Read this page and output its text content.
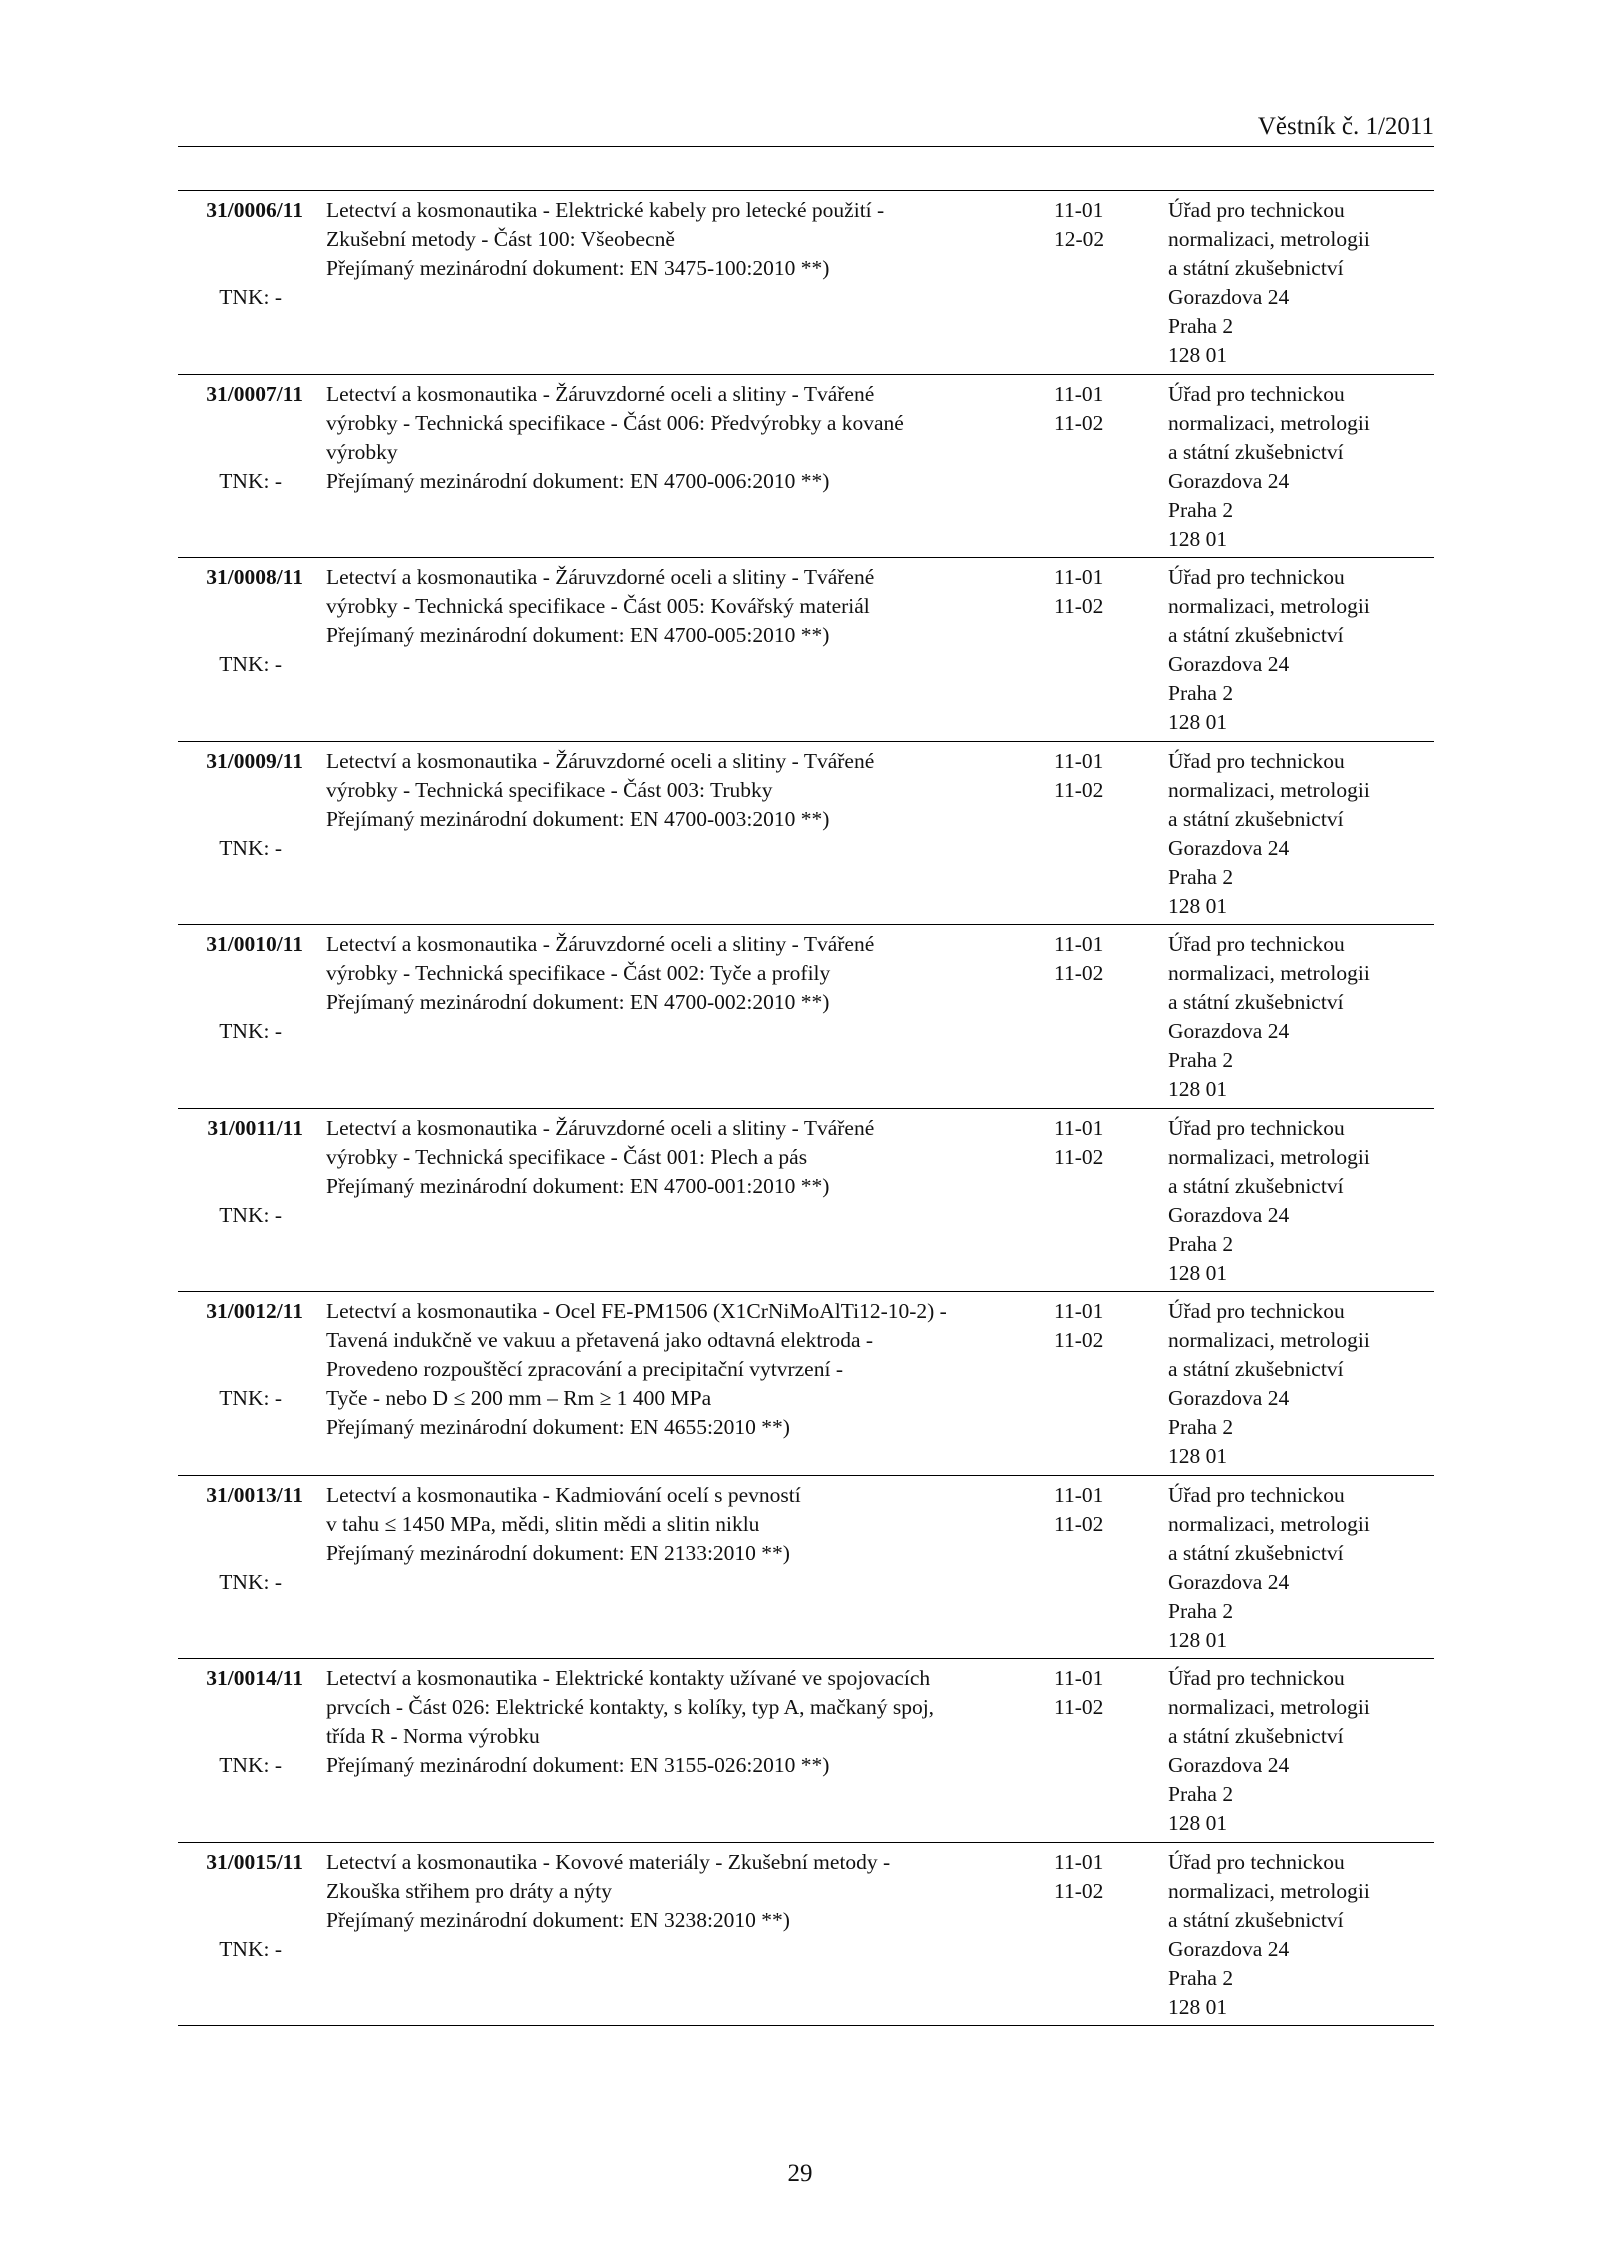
Věstník č. 1/2011
31/0006/11
TNK: -
Letectví a kosmonautika - Elektrické kabely pro letecké použití -
Zkušební metody - Část 100: Všeobecně
Přejímaný mezinárodní dokument: EN 3475-100:2010 **)
11-01
12-02
Úřad pro technickou
normalizaci, metrologii
a státní zkušebnictví
Gorazdova 24
Praha 2
128 01
31/0007/11
TNK: -
Letectví a kosmonautika - Žáruvzdorné oceli a slitiny - Tvářené
výrobky - Technická specifikace - Část 006: Předvýrobky a kované
výrobky
Přejímaný mezinárodní dokument: EN 4700-006:2010 **)
11-01
11-02
Úřad pro technickou
normalizaci, metrologii
a státní zkušebnictví
Gorazdova 24
Praha 2
128 01
31/0008/11
TNK: -
Letectví a kosmonautika - Žáruvzdorné oceli a slitiny - Tvářené
výrobky - Technická specifikace - Část 005: Kovářský materiál
Přejímaný mezinárodní dokument: EN 4700-005:2010 **)
11-01
11-02
Úřad pro technickou
normalizaci, metrologii
a státní zkušebnictví
Gorazdova 24
Praha 2
128 01
31/0009/11
TNK: -
Letectví a kosmonautika - Žáruvzdorné oceli a slitiny - Tvářené
výrobky - Technická specifikace - Část 003: Trubky
Přejímaný mezinárodní dokument: EN 4700-003:2010 **)
11-01
11-02
Úřad pro technickou
normalizaci, metrologii
a státní zkušebnictví
Gorazdova 24
Praha 2
128 01
31/0010/11
TNK: -
Letectví a kosmonautika - Žáruvzdorné oceli a slitiny - Tvářené
výrobky - Technická specifikace - Část 002: Tyče a profily
Přejímaný mezinárodní dokument: EN 4700-002:2010 **)
11-01
11-02
Úřad pro technickou
normalizaci, metrologii
a státní zkušebnictví
Gorazdova 24
Praha 2
128 01
31/0011/11
TNK: -
Letectví a kosmonautika - Žáruvzdorné oceli a slitiny - Tvářené
výrobky - Technická specifikace - Část 001: Plech a pás
Přejímaný mezinárodní dokument: EN 4700-001:2010 **)
11-01
11-02
Úřad pro technickou
normalizaci, metrologii
a státní zkušebnictví
Gorazdova 24
Praha 2
128 01
31/0012/11
TNK: -
Letectví a kosmonautika - Ocel FE-PM1506 (X1CrNiMoAlTi12-10-2) -
Tavená indukčně ve vakuu a přetavená jako odtavná elektroda -
Provedeno rozpouštěcí zpracování a precipitační vytvrzení -
Tyče - nebo D ≤ 200 mm – Rm ≥ 1 400 MPa
Přejímaný mezinárodní dokument: EN 4655:2010 **)
11-01
11-02
Úřad pro technickou
normalizaci, metrologii
a státní zkušebnictví
Gorazdova 24
Praha 2
128 01
31/0013/11
TNK: -
Letectví a kosmonautika - Kadmiování ocelí s pevností
v tahu ≤ 1450 MPa, mědi, slitin mědi a slitin niklu
Přejímaný mezinárodní dokument: EN 2133:2010 **)
11-01
11-02
Úřad pro technickou
normalizaci, metrologii
a státní zkušebnictví
Gorazdova 24
Praha 2
128 01
31/0014/11
TNK: -
Letectví a kosmonautika - Elektrické kontakty užívané ve spojovacích
prvcích - Část 026: Elektrické kontakty, s kolíky, typ A, mačkaný spoj,
třída R - Norma výrobku
Přejímaný mezinárodní dokument: EN 3155-026:2010 **)
11-01
11-02
Úřad pro technickou
normalizaci, metrologii
a státní zkušebnictví
Gorazdova 24
Praha 2
128 01
31/0015/11
TNK: -
Letectví a kosmonautika - Kovové materiály - Zkušební metody -
Zkouška střihem pro dráty a nýty
Přejímaný mezinárodní dokument: EN 3238:2010 **)
11-01
11-02
Úřad pro technickou
normalizaci, metrologii
a státní zkušebnictví
Gorazdova 24
Praha 2
128 01
29
